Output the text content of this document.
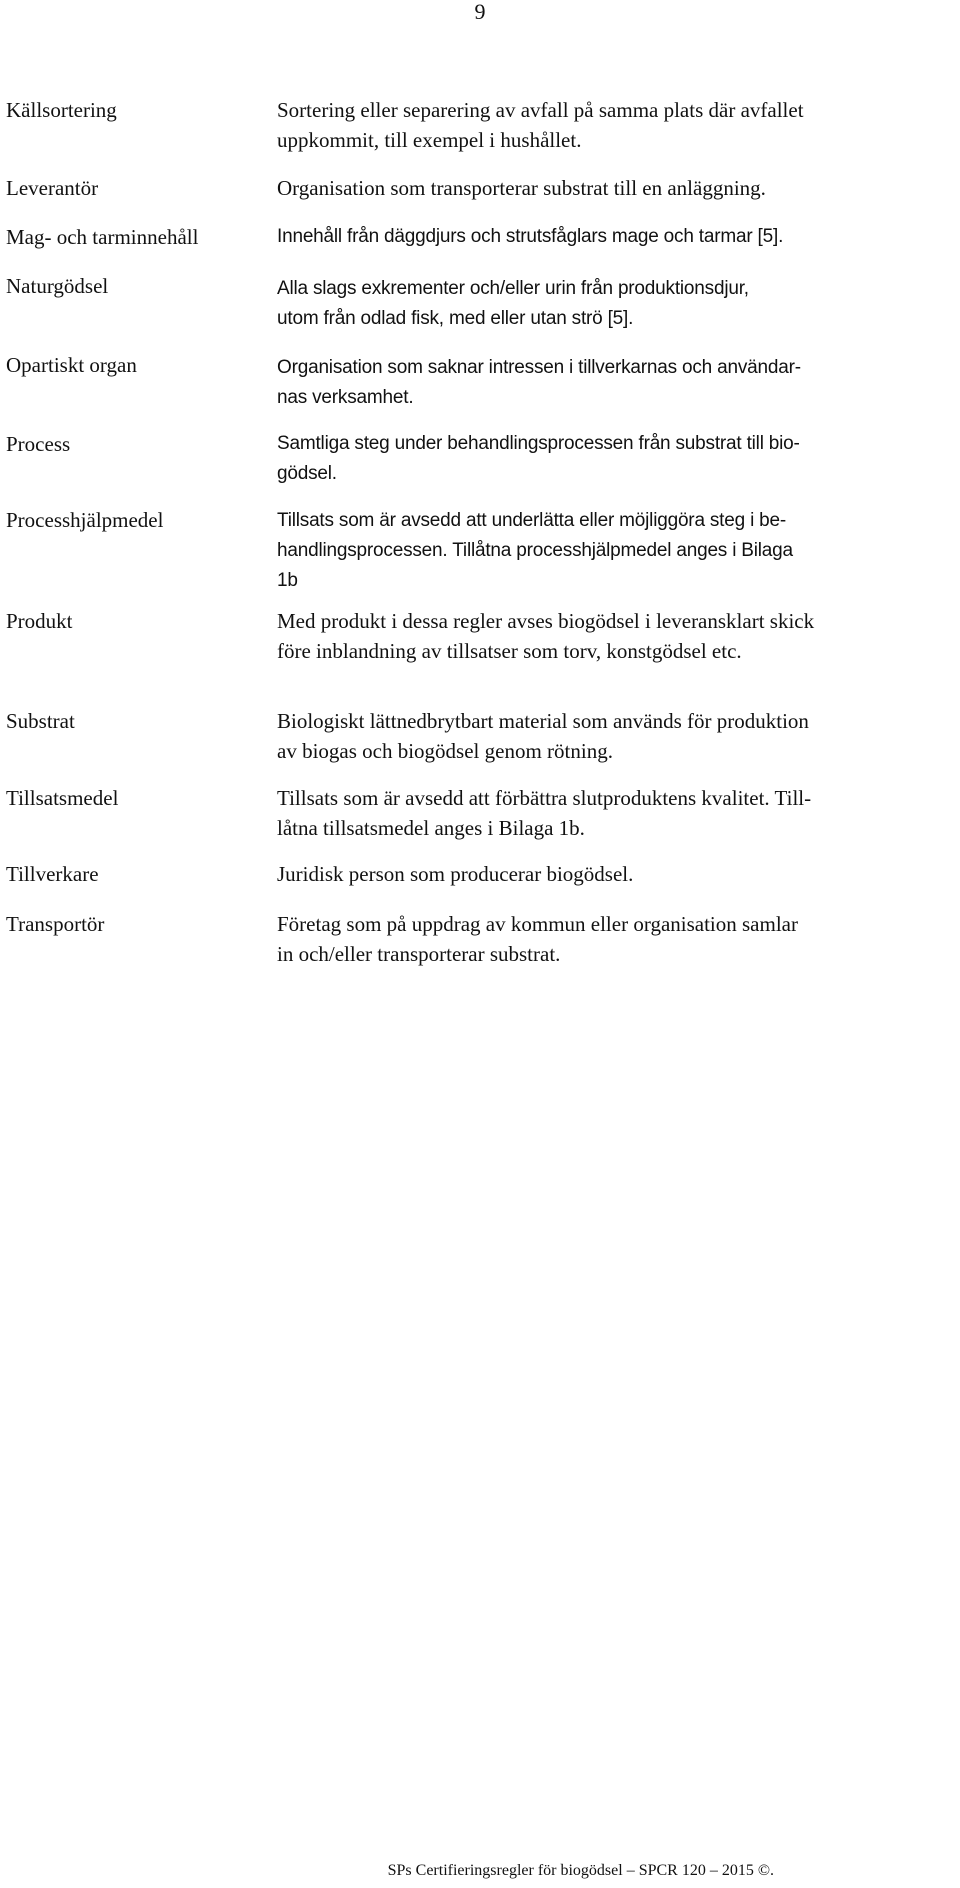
9
Källsortering	Sortering eller separering av avfall på samma plats där avfallet
uppkommit, till exempel i hushållet.
Leverantör	Organisation som transporterar substrat till en anläggning.
Mag- och tarminnehåll	Innehåll från däggdjurs och strutsfåglars mage och tarmar [5].
Naturgödsel	Alla slags exkrementer och/eller urin från produktionsdjur,
utom från odlad fisk, med eller utan strö [5].
Opartiskt organ	Organisation som saknar intressen i tillverkarnas och användar-
nas verksamhet.
Process	Samtliga steg under behandlingsprocessen från substrat till bio-
gödsel.
Processhjälpmedel	Tillsats som är avsedd att underlätta eller möjliggöra steg i be-
handlingsprocessen. Tillåtna processhjälpmedel anges i Bilaga
1b
Produkt	Med produkt i dessa regler avses biogödsel i leveransklart skick
före inblandning av tillsatser som torv, konstgödsel etc.
Substrat	Biologiskt lättnedbrytbart material som används för produktion
av biogas och biogödsel genom rötning.
Tillsatsmedel	Tillsats som är avsedd att förbättra slutproduktens kvalitet. Till-
låtna tillsatsmedel anges i Bilaga 1b.
Tillverkare	Juridisk person som producerar biogödsel.
Transportör	Företag som på uppdrag av kommun eller organisation samlar
in och/eller transporterar substrat.
SPs Certifieringsregler för biogödsel – SPCR 120 – 2015 ©.
